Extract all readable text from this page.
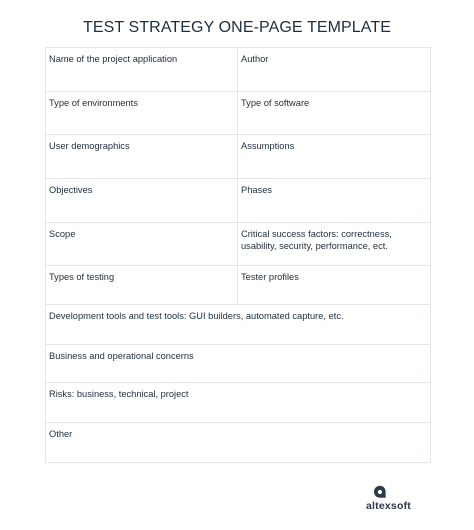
TEST STRATEGY ONE-PAGE TEMPLATE
Name of the project application	Author
Type of environments	Type of software
User demographics	Assumptions
Objectives	Phases
Scope	Critical success factors: correctness, usability, security, performance, ect.
Types of testing	Tester profiles
Development tools and test tools: GUI builders, automated capture, etc.	
Business and operational concerns	
Risks: business, technical, project	
Other	
altexsoft
